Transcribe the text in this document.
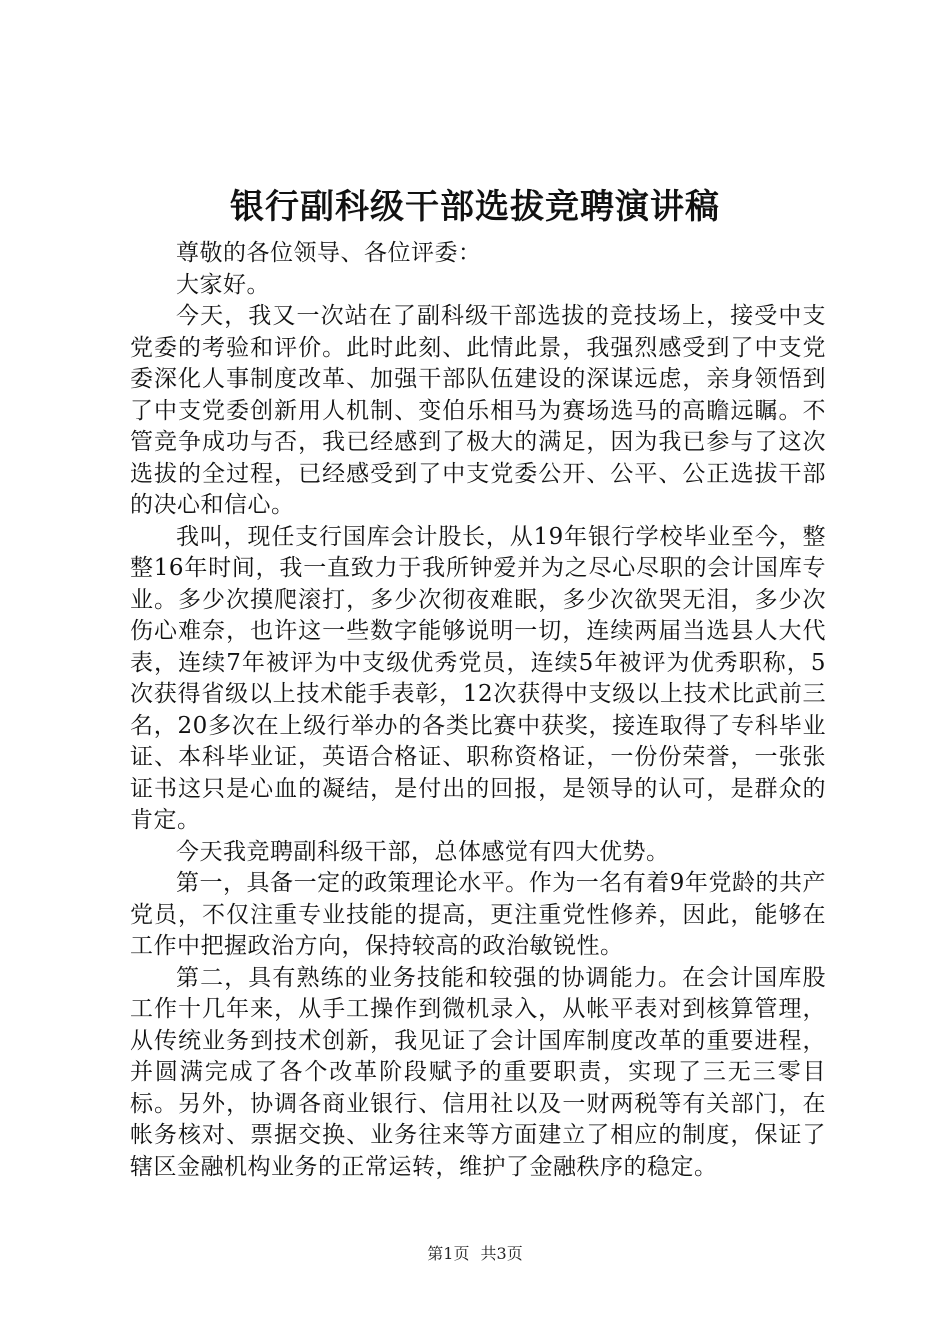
银行副科级干部选拔竞聘演讲稿

尊敬的各位领导、各位评委：

大家好。

今天，我又一次站在了副科级干部选拔的竞技场上，接受中支党委的考验和评价。此时此刻、此情此景，我强烈感受到了中支党委深化人事制度改革、加强干部队伍建设的深谋远虑，亲身领悟到了中支党委创新用人机制、变伯乐相马为赛场选马的高瞻远瞩。不管竞争成功与否，我已经感到了极大的满足，因为我已参与了这次选拔的全过程，已经感受到了中支党委公开、公平、公正选拔干部的决心和信心。

我叫，现任支行国库会计股长，从19年银行学校毕业至今，整整16年时间，我一直致力于我所钟爱并为之尽心尽职的会计国库专业。多少次摸爬滚打，多少次彻夜难眠，多少次欲哭无泪，多少次伤心难奈，也许这一些数字能够说明一切，连续两届当选县人大代表，连续7年被评为中支级优秀党员，连续5年被评为优秀职称，5次获得省级以上技术能手表彰，12次获得中支级以上技术比武前三名，20多次在上级行举办的各类比赛中获奖，接连取得了专科毕业证、本科毕业证，英语合格证、职称资格证，一份份荣誉，一张张证书这只是心血的凝结，是付出的回报，是领导的认可，是群众的肯定。

今天我竞聘副科级干部，总体感觉有四大优势。

第一，具备一定的政策理论水平。作为一名有着9年党龄的共产党员，不仅注重专业技能的提高，更注重党性修养，因此，能够在工作中把握政治方向，保持较高的政治敏锐性。

第二，具有熟练的业务技能和较强的协调能力。在会计国库股工作十几年来，从手工操作到微机录入，从帐平表对到核算管理，从传统业务到技术创新，我见证了会计国库制度改革的重要进程，并圆满完成了各个改革阶段赋予的重要职责，实现了三无三零目标。另外，协调各商业银行、信用社以及一财两税等有关部门，在帐务核对、票据交换、业务往来等方面建立了相应的制度，保证了辖区金融机构业务的正常运转，维护了金融秩序的稳定。

第1页 共3页
